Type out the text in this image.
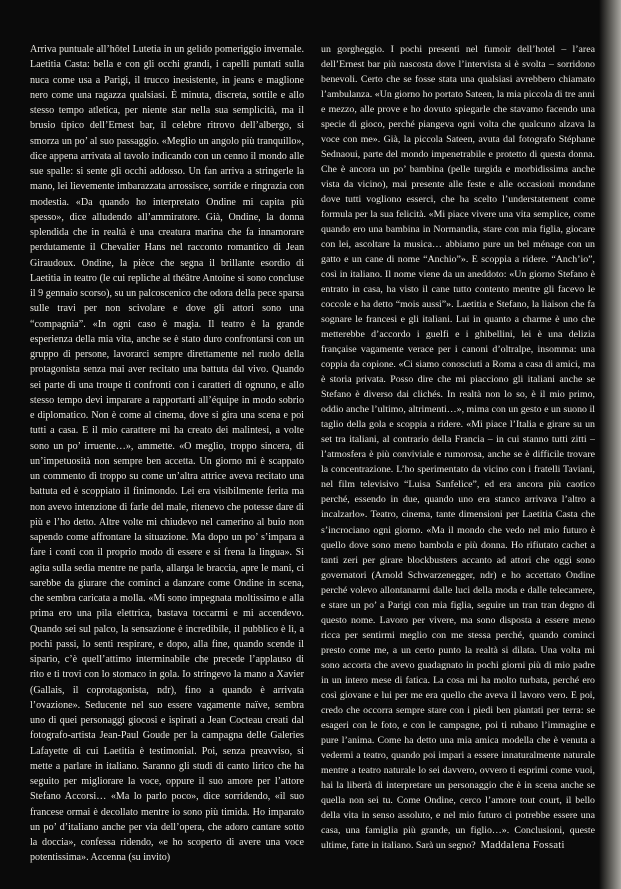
Arriva puntuale all’hôtel Lutetia in un gelido pomeriggio invernale. Laetitia Casta: bella e con gli occhi grandi, i capelli puntati sulla nuca come usa a Parigi, il trucco inesistente, in jeans e maglione nero come una ragazza qualsiasi. È minuta, discreta, sottile e allo stesso tempo atletica, per niente star nella sua semplicità, ma il brusio tipico dell’Ernest bar, il celebre ritrovo dell’albergo, si smorza un po’ al suo passaggio. «Meglio un angolo più tranquillo», dice appena arrivata al tavolo indicando con un cenno il mondo alle sue spalle: si sente gli occhi addosso. Un fan arriva a stringerle la mano, lei lievemente imbarazzata arrossisce, sorride e ringrazia con modestia. «Da quando ho interpretato Ondine mi capita più spesso», dice alludendo all’ammiratore. Già, Ondine, la donna splendida che in realtà è una creatura marina che fa innamorare perdutamente il Chevalier Hans nel racconto romantico di Jean Giraudoux. Ondine, la pièce che segna il brillante esordio di Laetitia in teatro (le cui repliche al théâtre Antoine si sono concluse il 9 gennaio scorso), su un palcoscenico che odora della pece sparsa sulle travi per non scivolare e dove gli attori sono una “compagnia”. «In ogni caso è magia. Il teatro è la grande esperienza della mia vita, anche se è stato duro confrontarsi con un gruppo di persone, lavorarci sempre direttamente nel ruolo della protagonista senza mai aver recitato una battuta dal vivo. Quando sei parte di una troupe ti confronti con i caratteri di ognuno, e allo stesso tempo devi imparare a rapportarti all’équipe in modo sobrio e diplomatico. Non è come al cinema, dove si gira una scena e poi tutti a casa. E il mio carattere mi ha creato dei malintesi, a volte sono un po’ irruente…», ammette. «O meglio, troppo sincera, di un’impetuosità non sempre ben accetta. Un giorno mi è scappato un commento di troppo su come un’altra attrice aveva recitato una battuta ed è scoppiato il finimondo. Lei era visibilmente ferita ma non avevo intenzione di farle del male, ritenevo che potesse dare di più e l’ho detto. Altre volte mi chiudevo nel camerino al buio non sapendo come affrontare la situazione. Ma dopo un po’ s’impara a fare i conti con il proprio modo di essere e si frena la lingua». Si agita sulla sedia mentre ne parla, allarga le braccia, apre le mani, ci sarebbe da giurare che cominci a danzare come Ondine in scena, che sembra caricata a molla. «Mi sono impegnata moltissimo e alla prima ero una pila elettrica, bastava toccarmi e mi accendevo. Quando sei sul palco, la sensazione è incredibile, il pubblico è lì, a pochi passi, lo senti respirare, e dopo, alla fine, quando scende il sipario, c’è quell’attimo interminabile che precede l’applauso di rito e ti trovi con lo stomaco in gola. Io stringevo la mano a Xavier (Gallais, il coprotagonista, ndr), fino a quando è arrivata l’ovazione». Seducente nel suo essere vagamente naïve, sembra uno di quei personaggi giocosi e ispirati a Jean Cocteau creati dal fotografo-artista Jean-Paul Goude per la campagna delle Galeries Lafayette di cui Laetitia è testimonial. Poi, senza preavviso, si mette a parlare in italiano. Saranno gli studi di canto lirico che ha seguito per migliorare la voce, oppure il suo amore per l’attore Stefano Accorsi… «Ma lo parlo poco», dice sorridendo, «il suo francese ormai è decollato mentre io sono più timida. Ho imparato un po’ d’italiano anche per via dell’opera, che adoro cantare sotto la doccia», confessa ridendo, «e ho scoperto di avere una voce potentissima». Accenna (su invito)

un gorgheggio. I pochi presenti nel fumoir dell’hotel – l’area dell’Ernest bar più nascosta dove l’intervista si è svolta – sorridono benevoli. Certo che se fosse stata una qualsiasi avrebbero chiamato l’ambulanza. «Un giorno ho portato Sateen, la mia piccola di tre anni e mezzo, alle prove e ho dovuto spiegarle che stavamo facendo una specie di gioco, perché piangeva ogni volta che qualcuno alzava la voce con me». Già, la piccola Sateen, avuta dal fotografo Stéphane Sednaoui, parte del mondo impenetrabile e protetto di questa donna. Che è ancora un po’ bambina (pelle turgida e morbidissima anche vista da vicino), mai presente alle feste e alle occasioni mondane dove tutti vogliono esserci, che ha scelto l’understatement come formula per la sua felicità. «Mi piace vivere una vita semplice, come quando ero una bambina in Normandia, stare con mia figlia, giocare con lei, ascoltare la musica… abbiamo pure un bel ménage con un gatto e un cane di nome “Anchio”». E scoppia a ridere. “Anch’io”, così in italiano. Il nome viene da un aneddoto: «Un giorno Stefano è entrato in casa, ha visto il cane tutto contento mentre gli facevo le coccole e ha detto “mois aussi”». Laetitia e Stefano, la liaison che fa sognare le francesi e gli italiani. Lui in quanto a charme è uno che metterebbe d’accordo i guelfi e i ghibellini, lei è una delizia française vagamente verace per i canoni d’oltralpe, insomma: una coppia da copione. «Ci siamo conosciuti a Roma a casa di amici, ma è storia privata. Posso dire che mi piacciono gli italiani anche se Stefano è diverso dai clichés. In realtà non lo so, è il mio primo, oddio anche l’ultimo, altrimenti…», mima con un gesto e un suono il taglio della gola e scoppia a ridere. «Mi piace l’Italia e girare su un set tra italiani, al contrario della Francia – in cui stanno tutti zitti – l’atmosfera è più conviviale e rumorosa, anche se è difficile trovare la concentrazione. L’ho sperimentato da vicino con i fratelli Taviani, nel film televisivo “Luisa Sanfelice”, ed era ancora più caotico perché, essendo in due, quando uno era stanco arrivava l’altro a incalzarlo». Teatro, cinema, tante dimensioni per Laetitia Casta che s’incrociano ogni giorno. «Ma il mondo che vedo nel mio futuro è quello dove sono meno bambola e più donna. Ho rifiutato cachet a tanti zeri per girare blockbusters accanto ad attori che oggi sono governatori (Arnold Schwarzenegger, ndr) e ho accettato Ondine perché volevo allontanarmi dalle luci della moda e dalle telecamere, e stare un po’ a Parigi con mia figlia, seguire un tran tran degno di questo nome. Lavoro per vivere, ma sono disposta a essere meno ricca per sentirmi meglio con me stessa perché, quando cominci presto come me, a un certo punto la realtà si dilata. Una volta mi sono accorta che avevo guadagnato in pochi giorni più di mio padre in un intero mese di fatica. La cosa mi ha molto turbata, perché ero così giovane e lui per me era quello che aveva il lavoro vero. E poi, credo che occorra sempre stare con i piedi ben piantati per terra: se esageri con le foto, e con le campagne, poi ti rubano l’immagine e pure l’anima. Come ha detto una mia amica modella che è venuta a vedermi a teatro, quando poi impari a essere innaturalmente naturale mentre a teatro naturale lo sei davvero, ovvero ti esprimi come vuoi, hai la libertà di interpretare un personaggio che è in scena anche se quella non sei tu. Come Ondine, cerco l’amore tout court, il bello della vita in senso assoluto, e nel mio futuro ci potrebbe essere una casa, una famiglia più grande, un figlio…». Conclusioni, queste ultime, fatte in italiano. Sarà un segno? Maddalena Fossati
